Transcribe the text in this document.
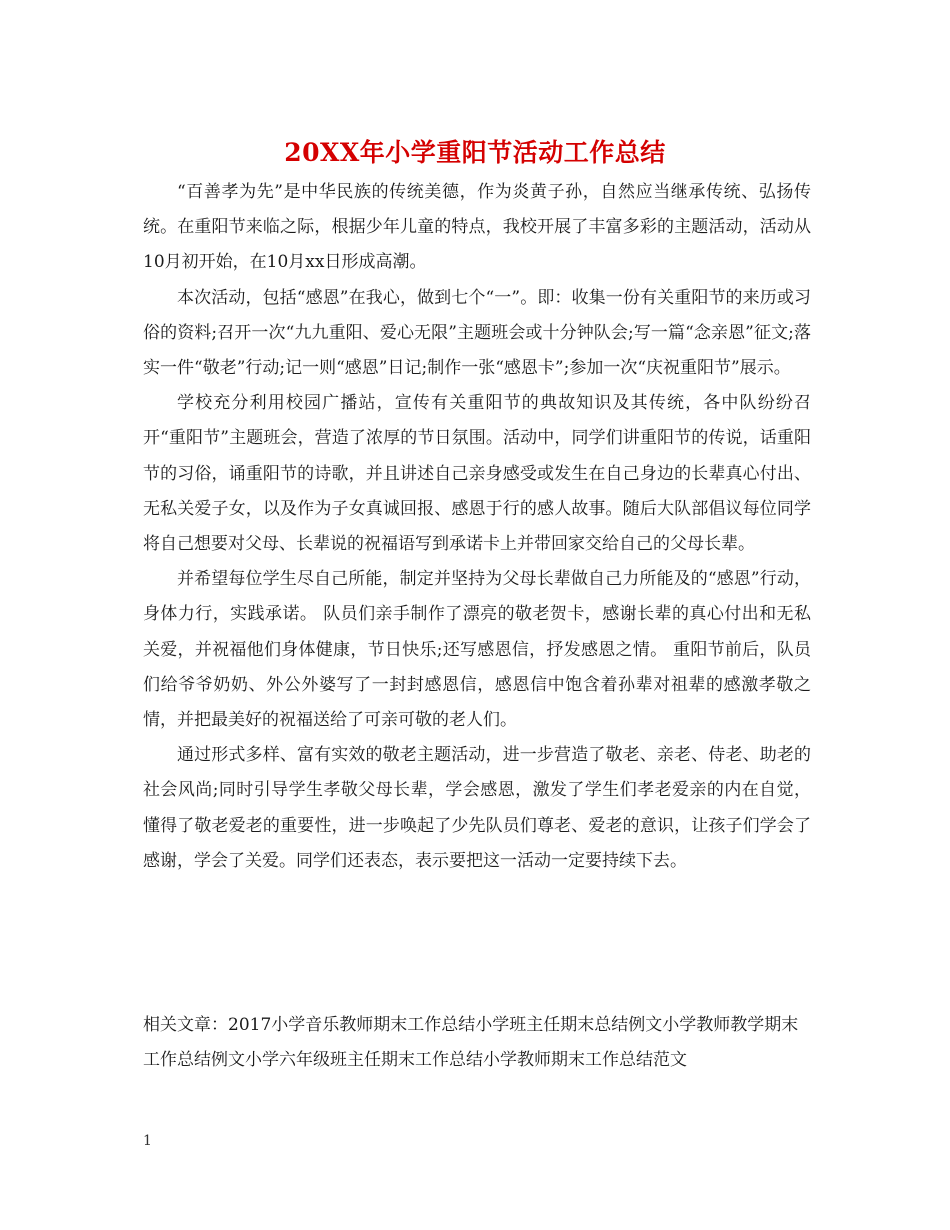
20XX年小学重阳节活动工作总结

“百善孝为先”是中华民族的传统美德，作为炎黄子孙，自然应当继承传统、弘扬传统。在重阳节来临之际，根据少年儿童的特点，我校开展了丰富多彩的主题活动，活动从10月初开始，在10月xx日形成高潮。

本次活动，包括“感恩”在我心，做到七个“一”。即：收集一份有关重阳节的来历或习俗的资料;召开一次“九九重阳、爱心无限”主题班会或十分钟队会;写一篇“念亲恩”征文;落实一件“敬老”行动;记一则“感恩”日记;制作一张“感恩卡”;参加一次“庆祝重阳节”展示。

学校充分利用校园广播站，宣传有关重阳节的典故知识及其传统，各中队纷纷召开“重阳节”主题班会，营造了浓厚的节日氛围。活动中，同学们讲重阳节的传说，话重阳节的习俗，诵重阳节的诗歌，并且讲述自己亲身感受或发生在自己身边的长辈真心付出、无私关爱子女，以及作为子女真诚回报、感恩于行的感人故事。随后大队部倡议每位同学将自己想要对父母、长辈说的祝福语写到承诺卡上并带回家交给自己的父母长辈。

并希望每位学生尽自己所能，制定并坚持为父母长辈做自己力所能及的“感恩”行动，身体力行，实践承诺。 队员们亲手制作了漂亮的敬老贺卡，感谢长辈的真心付出和无私关爱，并祝福他们身体健康，节日快乐;还写感恩信，抒发感恩之情。 重阳节前后，队员们给爷爷奶奶、外公外婆写了一封封感恩信，感恩信中饱含着孙辈对祖辈的感激孝敬之情，并把最美好的祝福送给了可亲可敬的老人们。

通过形式多样、富有实效的敬老主题活动，进一步营造了敬老、亲老、侍老、助老的社会风尚;同时引导学生孝敬父母长辈，学会感恩，激发了学生们孝老爱亲的内在自觉，懂得了敬老爱老的重要性，进一步唤起了少先队员们尊老、爱老的意识，让孩子们学会了感谢，学会了关爱。同学们还表态，表示要把这一活动一定要持续下去。

相关文章：2017小学音乐教师期末工作总结小学班主任期末总结例文小学教师教学期末工作总结例文小学六年级班主任期末工作总结小学教师期末工作总结范文

1
